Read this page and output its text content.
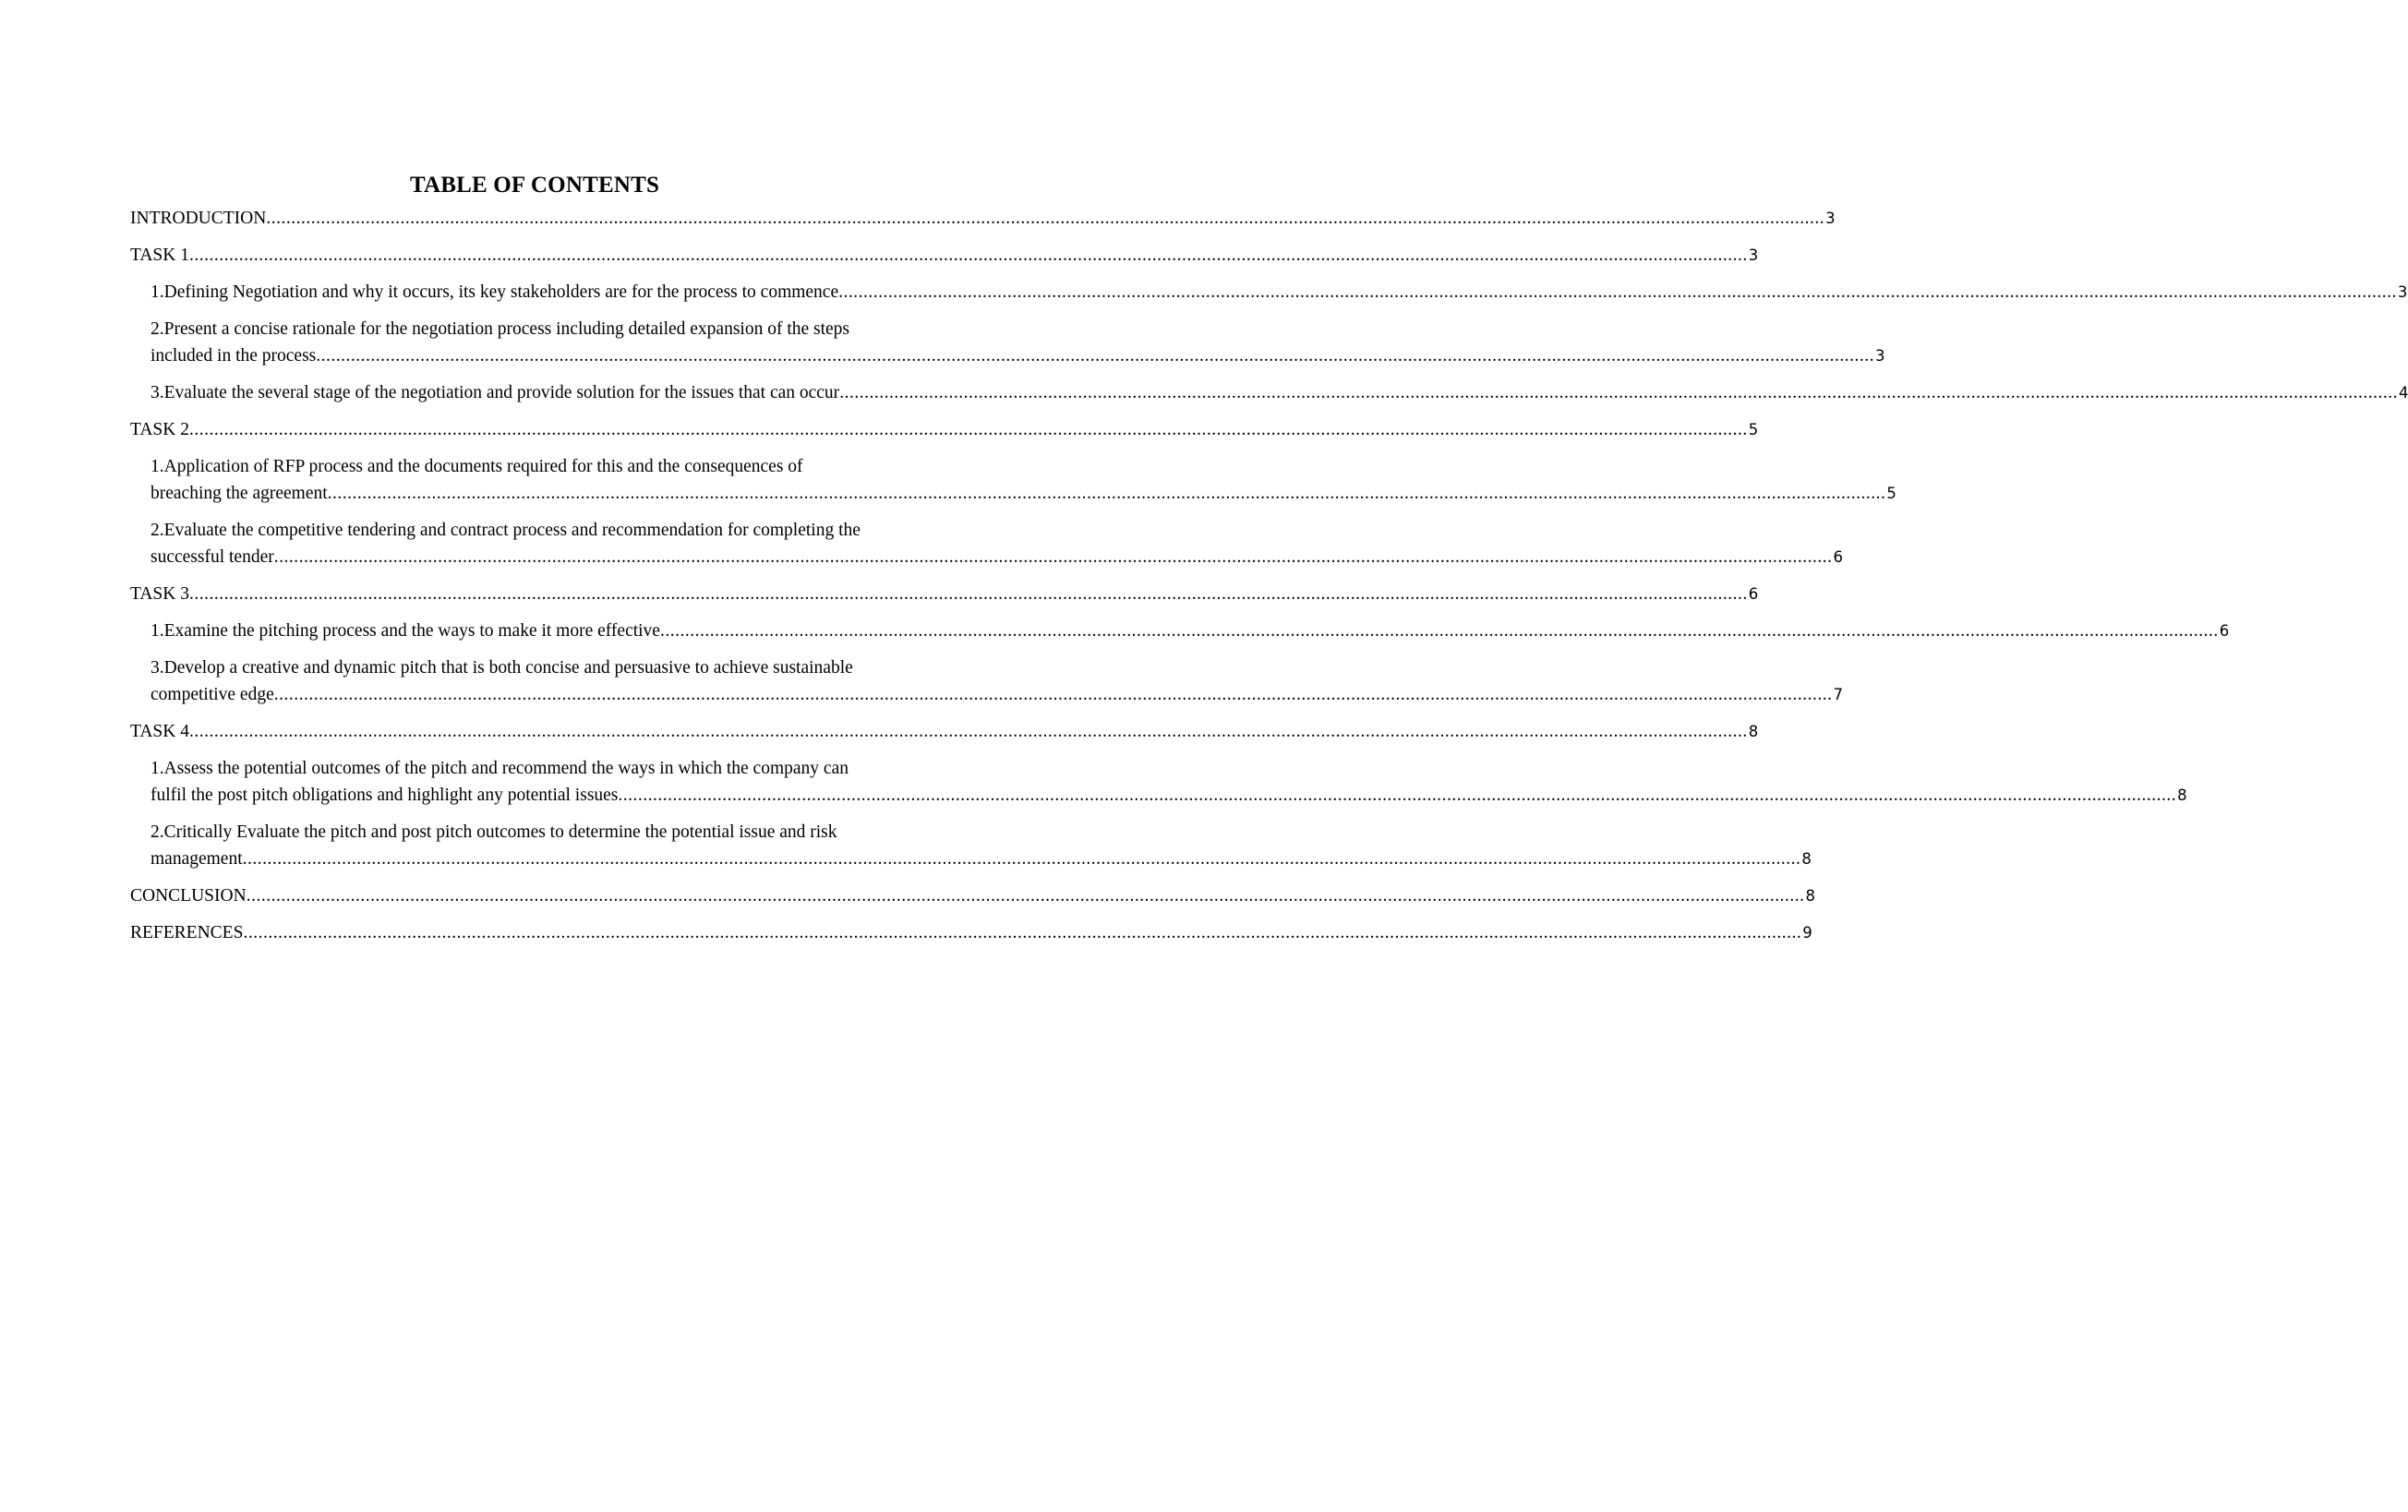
TABLE OF CONTENTS
INTRODUCTION .....	3
TASK 1 .....	3
1.Defining Negotiation and why it occurs, its key stakeholders are for the process to commence .....	3
2.Present a concise rationale for the negotiation process including detailed expansion of the steps
included in the process .....	3
3.Evaluate the several stage of the negotiation and provide solution for the issues that can occur .....	4
TASK 2 .....	5
1.Application of RFP process and the documents required for this and the consequences of
breaching the agreement .....	5
2.Evaluate the competitive tendering and contract process and recommendation for completing the
successful tender .....	6
TASK 3 .....	6
1.Examine the pitching process and the ways to make it more effective .....	6
3.Develop a creative and dynamic pitch that is both concise and persuasive to achieve sustainable
competitive edge .....	7
TASK 4 .....	8
1.Assess the potential outcomes of the pitch and recommend the ways in which the company can
fulfil the post pitch obligations and highlight any potential issues .....	8
2.Critically Evaluate the pitch and post pitch outcomes to determine the potential issue and risk
management .....	8
CONCLUSION .....	8
REFERENCES .....	9
